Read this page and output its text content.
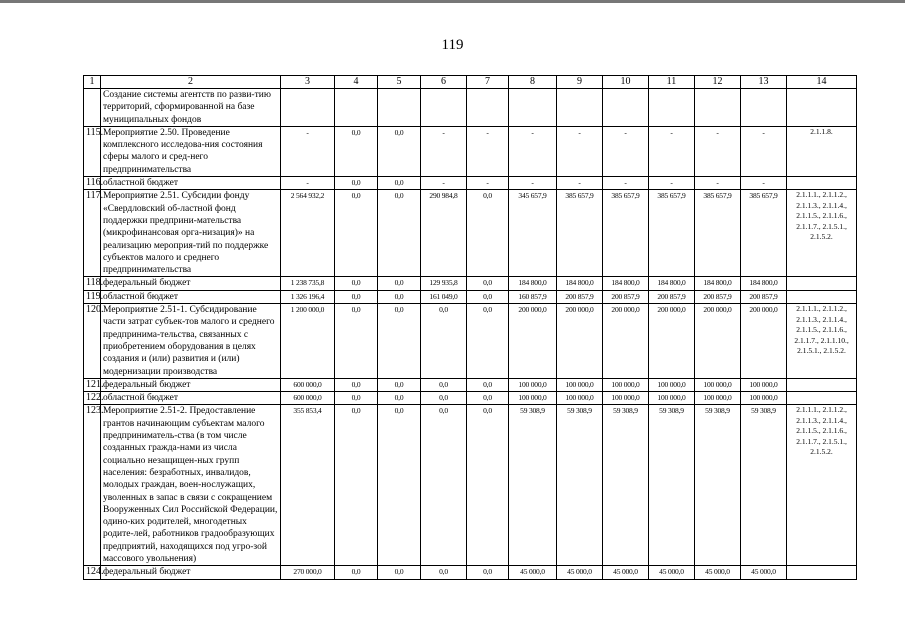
119
1	2	3	4	5	6	7	8	9	10	11	12	13	14
	Создание системы агентств по разви-тию территорий, сформированной на базе муниципальных фондов												
115.	Мероприятие 2.50. Проведение комплексного исследова-ния состояния сферы малого и сред-него предпринимательства	-	0,0	0,0	-	-	-	-	-	-	-	-	2.1.1.8.
116.	областной бюджет	-	0,0	0,0	-	-	-	-	-	-	-	-	
117.	Мероприятие 2.51. Субсидии фонду «Свердловский об-ластной фонд поддержки предприни-мательства (микрофинансовая орга-низация)» на реализацию мероприя-тий по поддержке субъектов малого и среднего предпринимательства	2 564 932,2	0,0	0,0	290 984,8	0,0	345 657,9	385 657,9	385 657,9	385 657,9	385 657,9	385 657,9	2.1.1.1., 2.1.1.2., 2.1.1.3., 2.1.1.4., 2.1.1.5., 2.1.1.6., 2.1.1.7., 2.1.5.1., 2.1.5.2.
118.	федеральный бюджет	1 238 735,8	0,0	0,0	129 935,8	0,0	184 800,0	184 800,0	184 800,0	184 800,0	184 800,0	184 800,0	
119.	областной бюджет	1 326 196,4	0,0	0,0	161 049,0	0,0	160 857,9	200 857,9	200 857,9	200 857,9	200 857,9	200 857,9	
120.	Мероприятие 2.51-1. Субсидирование части затрат субъек-тов малого и среднего предпринима-тельства, связанных с приобретением оборудования в целях создания и (или) развития и (или) модернизации производства	1 200 000,0	0,0	0,0	0,0	0,0	200 000,0	200 000,0	200 000,0	200 000,0	200 000,0	200 000,0	2.1.1.1., 2.1.1.2., 2.1.1.3., 2.1.1.4., 2.1.1.5., 2.1.1.6., 2.1.1.7., 2.1.1.10., 2.1.5.1., 2.1.5.2.
121.	федеральный бюджет	600 000,0	0,0	0,0	0,0	0,0	100 000,0	100 000,0	100 000,0	100 000,0	100 000,0	100 000,0	
122.	областной бюджет	600 000,0	0,0	0,0	0,0	0,0	100 000,0	100 000,0	100 000,0	100 000,0	100 000,0	100 000,0	
123.	Мероприятие 2.51-2. Предоставление грантов начинающим субъектам малого предприниматель-ства (в том числе созданных гражда-нами из числа социально незащищен-ных групп населения: безработных, инвалидов, молодых граждан, воен-нослужащих, уволенных в запас в связи с сокращением Вооруженных Сил Российской Федерации, одино-ких родителей, многодетных родите-лей, работников градообразующих предприятий, находящихся под угро-зой массового увольнения)	355 853,4	0,0	0,0	0,0	0,0	59 308,9	59 308,9	59 308,9	59 308,9	59 308,9	59 308,9	2.1.1.1., 2.1.1.2., 2.1.1.3., 2.1.1.4., 2.1.1.5., 2.1.1.6., 2.1.1.7., 2.1.5.1., 2.1.5.2.
124.	федеральный бюджет	270 000,0	0,0	0,0	0,0	0,0	45 000,0	45 000,0	45 000,0	45 000,0	45 000,0	45 000,0	
